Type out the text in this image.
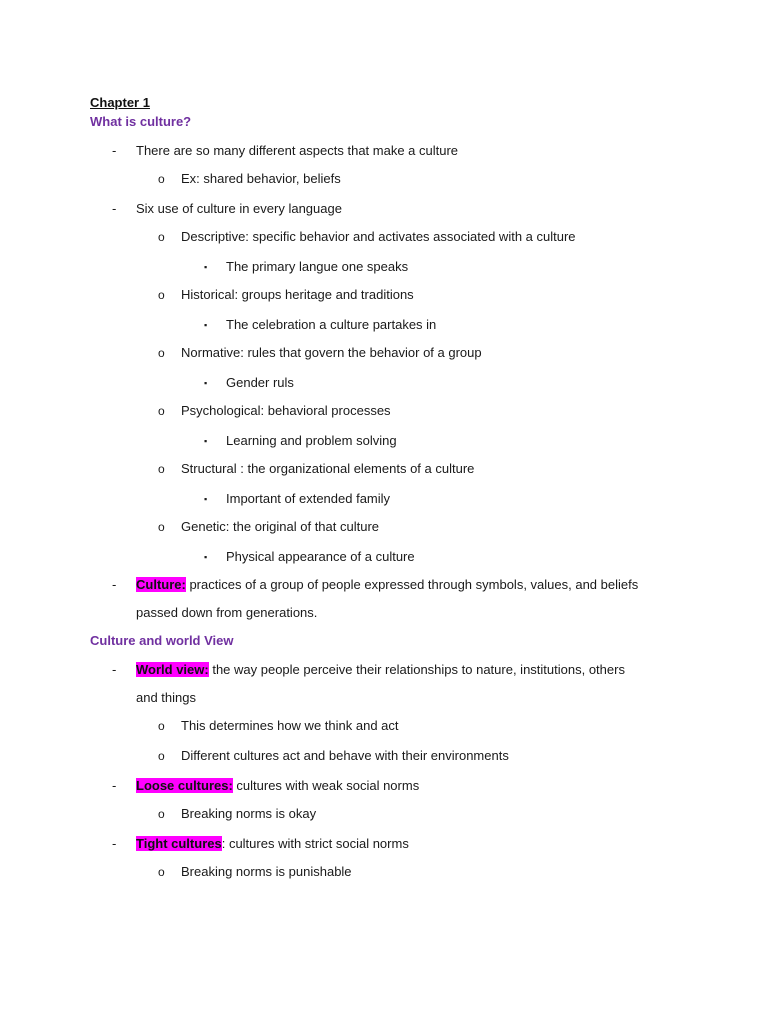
Chapter 1
What is culture?
- There are so many different aspects that make a culture
o Ex: shared behavior, beliefs
- Six use of culture in every language
o Descriptive: specific behavior and activates associated with a culture
▪ The primary langue one speaks
o Historical: groups heritage and traditions
▪ The celebration a culture partakes in
o Normative: rules that govern the behavior of a group
▪ Gender ruls
o Psychological: behavioral processes
▪ Learning and problem solving
o Structural : the organizational elements of a culture
▪ Important of extended family
o Genetic: the original of that culture
▪ Physical appearance of a culture
- Culture: practices of a group of people expressed through symbols, values, and beliefs
passed down from generations.
Culture and world View
- World view: the way people perceive their relationships to nature, institutions, others
and things
o This determines how we think and act
o Different cultures act and behave with their environments
- Loose cultures: cultures with weak social norms
o Breaking norms is okay
- Tight cultures: cultures with strict social norms
o Breaking norms is punishable
